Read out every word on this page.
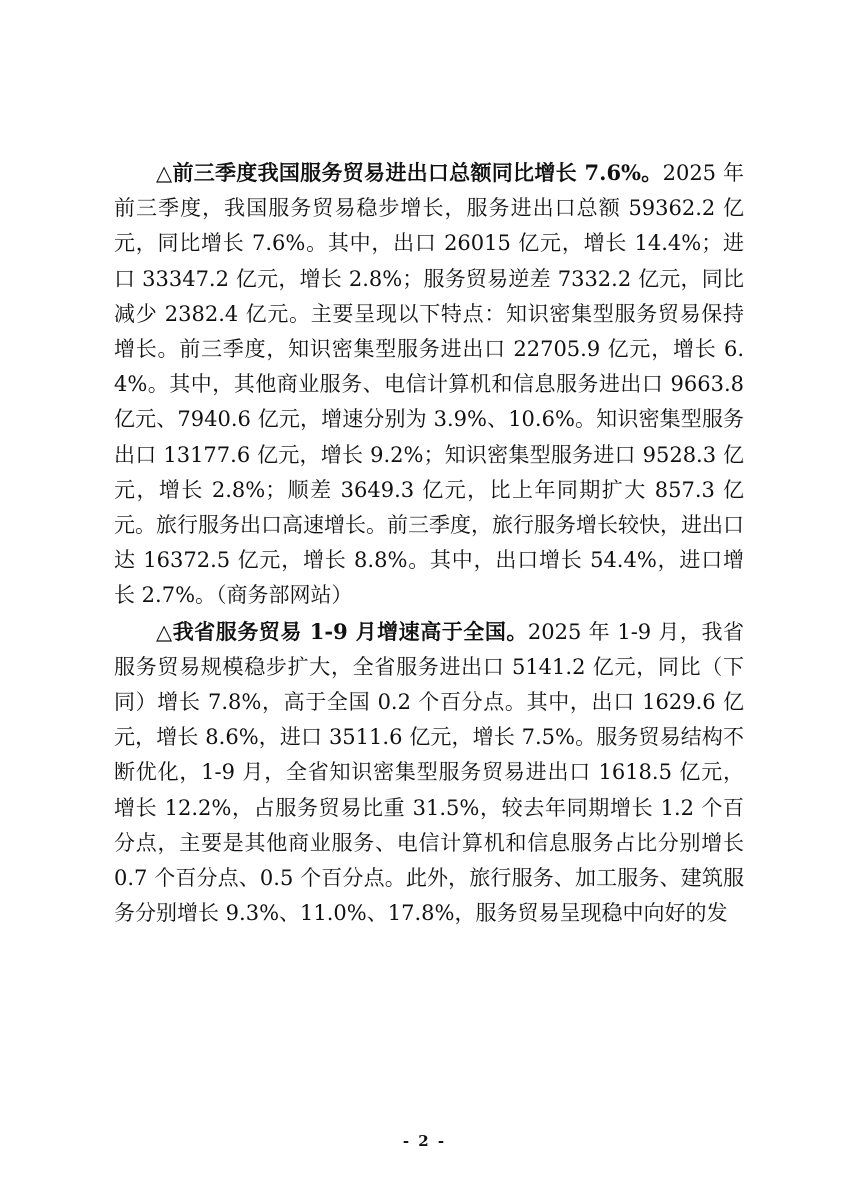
△前三季度我国服务贸易进出口总额同比增长 7.6%。2025 年前三季度，我国服务贸易稳步增长，服务进出口总额 59362.2 亿元，同比增长 7.6%。其中，出口 26015 亿元，增长 14.4%；进口 33347.2 亿元，增长 2.8%；服务贸易逆差 7332.2 亿元，同比减少 2382.4 亿元。主要呈现以下特点：知识密集型服务贸易保持增长。前三季度，知识密集型服务进出口 22705.9 亿元，增长 6.4%。其中，其他商业服务、电信计算机和信息服务进出口 9663.8 亿元、7940.6 亿元，增速分别为 3.9%、10.6%。知识密集型服务出口 13177.6 亿元，增长 9.2%；知识密集型服务进口 9528.3 亿元，增长 2.8%；顺差 3649.3 亿元，比上年同期扩大 857.3 亿元。旅行服务出口高速增长。前三季度，旅行服务增长较快，进出口达 16372.5 亿元，增长 8.8%。其中，出口增长 54.4%，进口增长 2.7%。（商务部网站）

△我省服务贸易 1-9 月增速高于全国。2025 年 1-9 月，我省服务贸易规模稳步扩大，全省服务进出口 5141.2 亿元，同比（下同）增长 7.8%，高于全国 0.2 个百分点。其中，出口 1629.6 亿元，增长 8.6%，进口 3511.6 亿元，增长 7.5%。服务贸易结构不断优化，1-9 月，全省知识密集型服务贸易进出口 1618.5 亿元，增长 12.2%，占服务贸易比重 31.5%，较去年同期增长 1.2 个百分点，主要是其他商业服务、电信计算机和信息服务占比分别增长 0.7 个百分点、0.5 个百分点。此外，旅行服务、加工服务、建筑服务分别增长 9.3%、11.0%、17.8%，服务贸易呈现稳中向好的发

- 2 -
